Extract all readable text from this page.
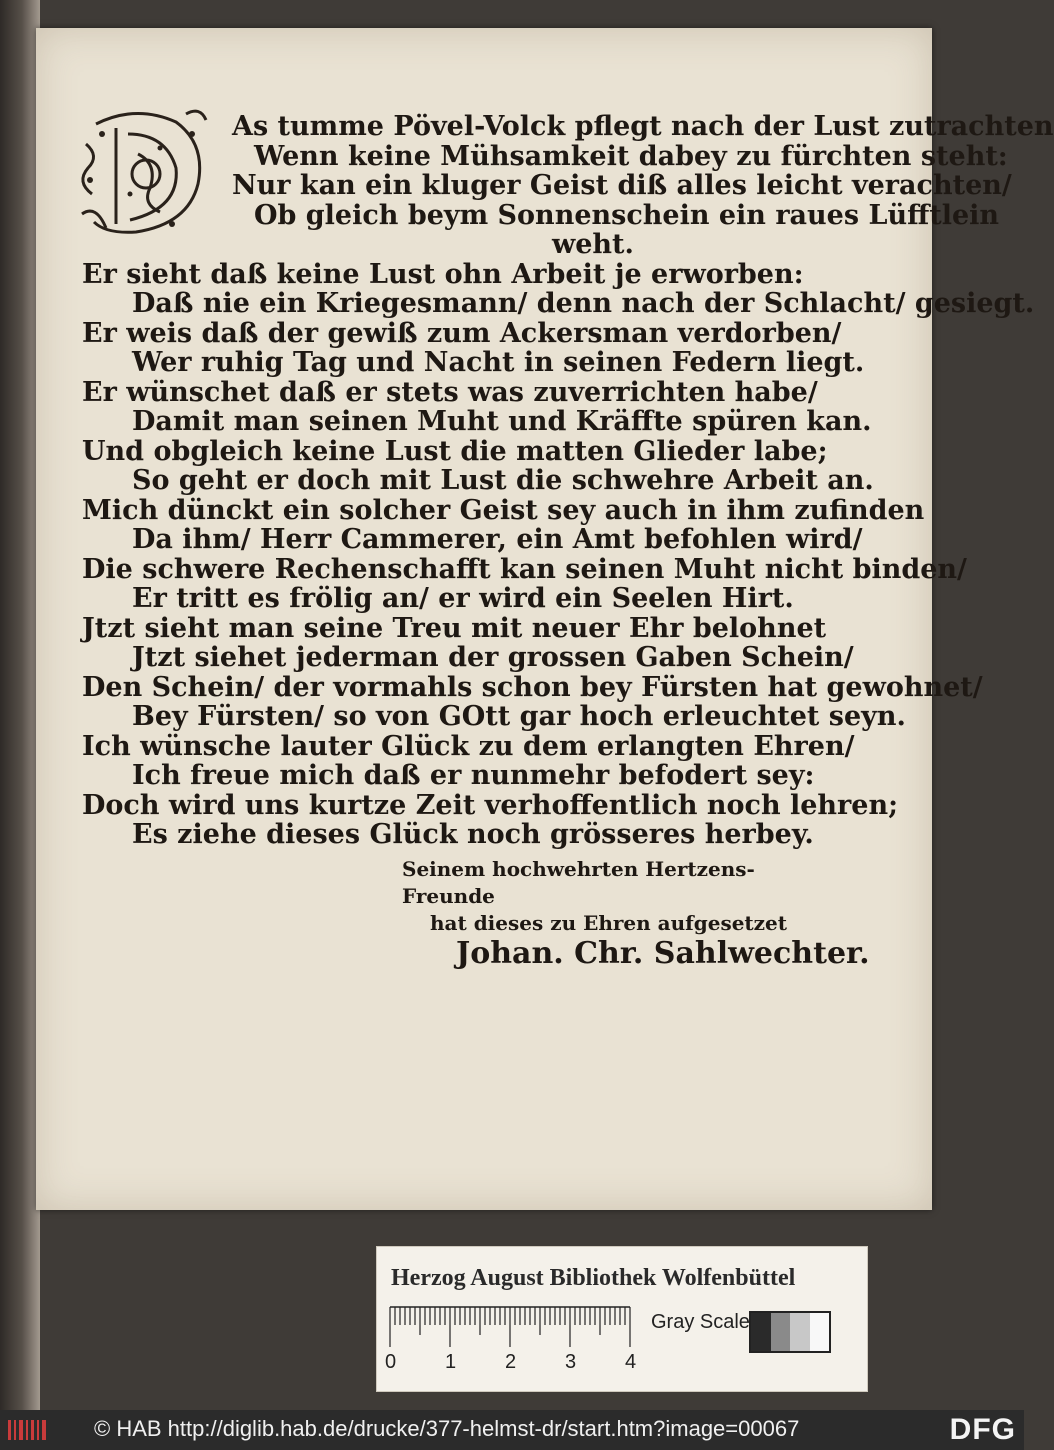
As tumme Pövel-Volck pflegt nach der Lust zutrachten
Wenn keine Mühsamkeit dabey zu fürchten steht:
Nur kan ein kluger Geist diß alles leicht verachten/
Ob gleich beym Sonnenschein ein raues Lüfftlein
weht.
Er sieht daß keine Lust ohn Arbeit je erworben:
Daß nie ein Kriegesmann/ denn nach der Schlacht/ gesiegt.
Er weis daß der gewiß zum Ackersman verdorben/
Wer ruhig Tag und Nacht in seinen Federn liegt.
Er wünschet daß er stets was zuverrichten habe/
Damit man seinen Muht und Kräffte spüren kan.
Und obgleich keine Lust die matten Glieder labe;
So geht er doch mit Lust die schwehre Arbeit an.
Mich dünckt ein solcher Geist sey auch in ihm zufinden
Da ihm/ Herr Cammerer, ein Amt befohlen wird/
Die schwere Rechenschafft kan seinen Muht nicht binden/
Er tritt es frölig an/ er wird ein Seelen Hirt.
Jtzt sieht man seine Treu mit neuer Ehr belohnet
Jtzt siehet jederman der grossen Gaben Schein/
Den Schein/ der vormahls schon bey Fürsten hat gewohnet/
Bey Fürsten/ so von GOtt gar hoch erleuchtet seyn.
Ich wünsche lauter Glück zu dem erlangten Ehren/
Ich freue mich daß er nunmehr befodert sey:
Doch wird uns kurtze Zeit verhoffentlich noch lehren;
Es ziehe dieses Glück noch grösseres herbey.
Seinem hochwehrten Hertzens-Freunde
hat dieses zu Ehren aufgesetzet
Johan. Chr. Sahlwechter.
Herzog August Bibliothek Wolfenbüttel
0 1 2 3 4
Gray Scale
© HAB http://diglib.hab.de/drucke/377-helmst-dr/start.htm?image=00067	DFG
